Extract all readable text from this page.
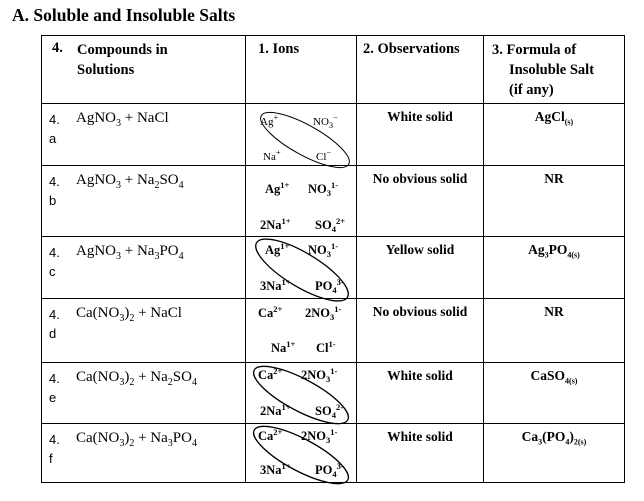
A. Soluble and Insoluble Salts
4. Compounds in
Solutions	1. Ions	2. Observations	3. Formula of
Insoluble Salt
(if any)

4. a
AgNO$_3$ + NaCl	Ag+ $NO_3^-$
Na+ Cl−	White solid	AgCl$_{(s)}$

4. b
AgNO$_3$ + $Na_2SO_4$	$Ag^{1+}$ $NO_3^{1-}$
$2Na^{1+}$ $SO_4^{2+}$	No obvious solid	NR

4. c
AgNO$_3$ + $Na_3PO_4$	$Ag^{1+}$ $NO_3^{1-}$
$3Na^{1+}$ $PO_4^{3-}$	Yellow solid	$Ag_3PO_{4(s)}$

4. d
$Ca(NO_3)_2$ + NaCl	$Ca^{2+}$ $2NO_3^{1-}$
$Na^{1+}$ $Cl^{1-}$	No obvious solid	NR

4. e
$Ca(NO_3)_2 + Na_2SO_4$	$Ca^{2+}$ $2NO_3^{1-}$
$2Na^{1+}$ $SO_4^{2-}$	White solid	CaSO$_{4(s)}$

4. f
$Ca(NO_3)_2 + Na_3PO_4$	$Ca^{2+}$ $2NO_3^{1-}$
$3Na^{1+}$ $PO_4^{3-}$	White solid	$Ca_3(PO_4)_{2(s)}$
